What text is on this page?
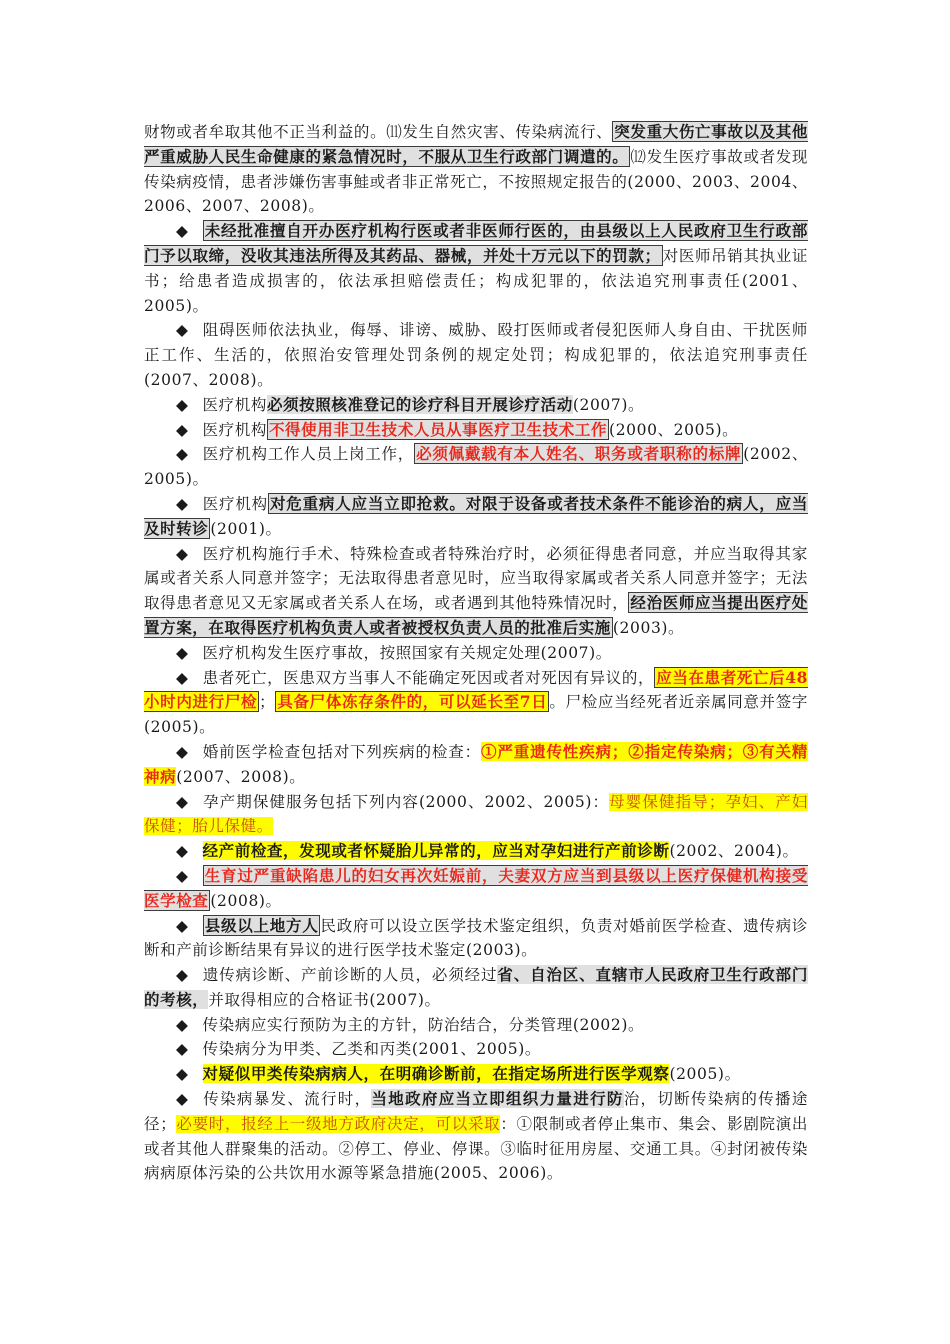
财物或者牟取其他不正当利益的。⑾发生自然灾害、传染病流行、 突发重大伤亡事故以及其他严重威胁人民生命健康的紧急情况时，不服从卫生行政部门调遣的。 ⑿发生医疗事故或者发现传染病疫情，患者涉嫌伤害事鮭或者非正常死亡，不按照规定报告的(2000、2003、2004、2006、2007、2008)。

◆ 未经批准擅自开办医疗机构行医或者非医师行医的，由县级以上人民政府卫生行政部门予以取缔，没收其违法所得及其药品、器械，并处十万元以下的罚款； 对医师吊销其执业证书；给患者造成损害的，依法承担赔偿责任；构成犯罪的，依法追究刑事责任(2001、2005)。

◆ 阻碍医师依法执业，侮辱、诽谤、威胁、殴打医师或者侵犯医师人身自由、干扰医师正工作、生活的，依照治安管理处罚条例的规定处罚；构成犯罪的，依法追究刑事责任(2007、2008)。

◆ 医疗机构必须按照核准登记的诊疗科目开展诊疗活动(2007)。

◆ 医疗机构 不得使用非卫生技术人员从事医疗卫生技术工作 (2000、2005)。

◆ 医疗机构工作人员上岗工作， 必须佩戴载有本人姓名、职务或者职称的标牌 (2002、2005)。

◆ 医疗机构 对危重病人应当立即抢救。对限于设备或者技术条件不能诊治的病人，应当及时转诊 (2001)。

◆ 医疗机构施行手术、特殊检查或者特殊治疗时，必须征得患者同意，并应当取得其家属或者关系人同意并签字；无法取得患者意见时，应当取得家属或者关系人同意并签字；无法取得患者意见又无家属或者关系人在场，或者遇到其他特殊情况时， 经治医师应当提出医疗处置方案，在取得医疗机构负责人或者被授权负责人员的批准后实施 (2003)。

◆ 医疗机构发生医疗事故，按照国家有关规定处理(2007)。

◆ 患者死亡，医患双方当事人不能确定死因或者对死因有异议的， 应当在患者死亡后48小时内进行尸检 ； 具备尸体冻存条件的，可以延长至7日 。尸检应当经死者近亲属同意并签字(2005)。

◆ 婚前医学检查包括对下列疾病的检查：①严重遗传性疾病；②指定传染病；③有关精神病(2007、2008)。

◆ 孕产期保健服务包括下列内容(2000、2002、2005)：母婴保健指导；孕妇、产妇保健；胎儿保健。

◆ 经产前检查，发现或者怀疑胎儿异常的，应当对孕妇进行产前诊断(2002、2004)。

◆ 生育过严重缺陷患儿的妇女再次妊娠前，夫妻双方应当到县级以上医疗保健机构接受医学检查 (2008)。

◆ 县级以上地方人 民政府可以设立医学技术鉴定组织，负责对婚前医学检查、遗传病诊断和产前诊断结果有异议的进行医学技术鉴定(2003)。

◆ 遗传病诊断、产前诊断的人员，必须经过省、自治区、直辖市人民政府卫生行政部门的考核，并取得相应的合格证书(2007)。

◆ 传染病应实行预防为主的方针，防治结合，分类管理(2002)。

◆ 传染病分为甲类、乙类和丙类(2001、2005)。

◆ 对疑似甲类传染病病人，在明确诊断前，在指定场所进行医学观察(2005)。

◆ 传染病暴发、流行时，当地政府应当立即组织力量进行防治，切断传染病的传播途径；必要时，报经上一级地方政府决定，可以采取：①限制或者停止集市、集会、影剧院演出或者其他人群聚集的活动。②停工、停业、停课。③临时征用房屋、交通工具。④封闭被传染病病原体污染的公共饮用水源等紧急措施(2005、2006)。
